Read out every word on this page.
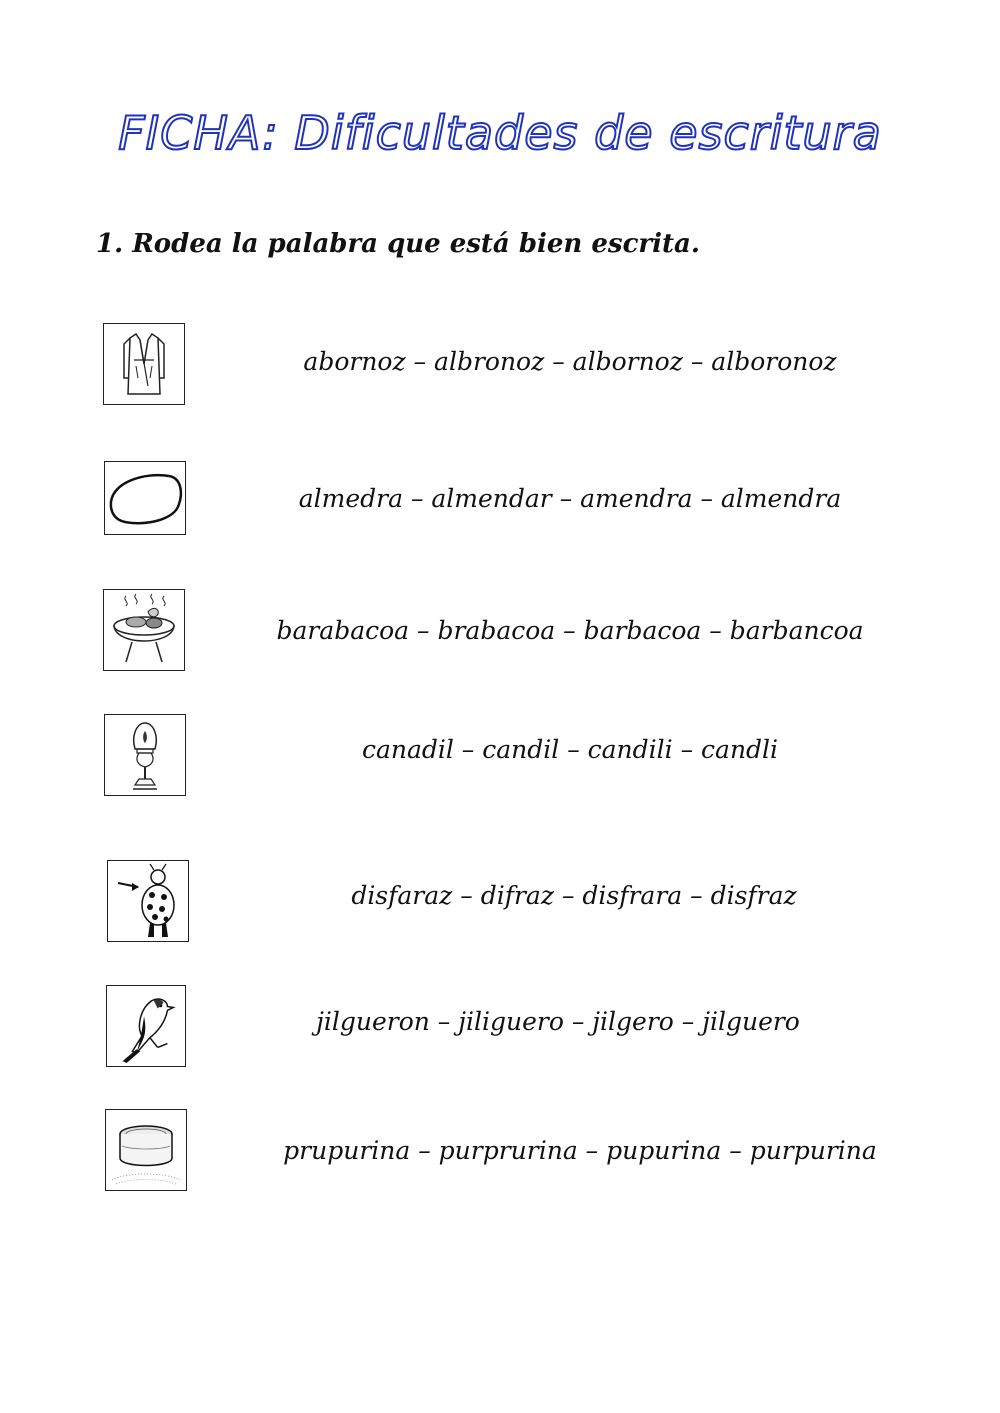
FICHA: Dificultades de escritura
1. Rodea la palabra que está bien escrita.
abornoz – albronoz – albornoz – alboronoz
almedra – almendar – amendra – almendra
barabacoa – brabacoa – barbacoa – barbancoa
canadil – candil – candili – candli
disfaraz – difraz – disfrara – disfraz
jilgueron – jiliguero – jilgero – jilguero
prupurina – purprurina – pupurina – purpurina
